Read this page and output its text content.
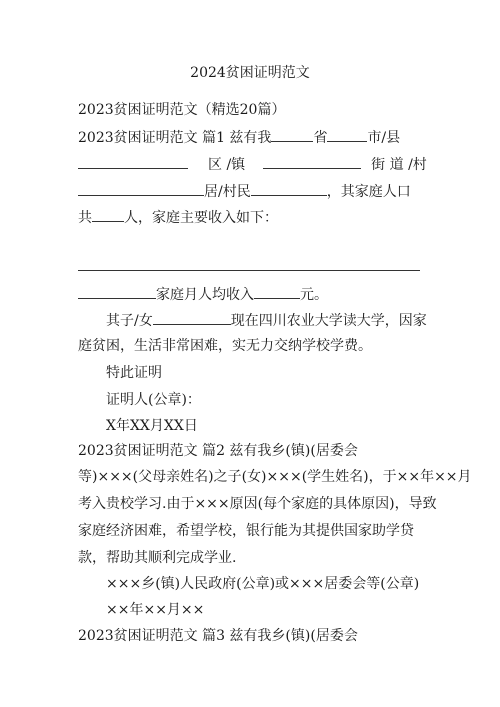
2024贫困证明范文
2023贫困证明范文（精选20篇）
2023贫困证明范文 篇1 兹有我	省	市/县
区 /镇	街 道 /村
居/村民	，其家庭人口
共 人，家庭主要收入如下：
家庭月人均收入	元。
其子/女	现在四川农业大学读大学，因家
庭贫困，生活非常困难，实无力交纳学校学费。
特此证明
证明人(公章)：
X年XX月XX日
2023贫困证明范文 篇2 兹有我乡(镇)(居委会
等)×××(父母亲姓名)之子(女)×××(学生姓名)，于××年××月
考入贵校学习.由于×××原因(每个家庭的具体原因)，导致
家庭经济困难，希望学校，银行能为其提供国家助学贷
款，帮助其顺利完成学业.
×××乡(镇)人民政府(公章)或×××居委会等(公章)
××年××月××
2023贫困证明范文 篇3 兹有我乡(镇)(居委会
